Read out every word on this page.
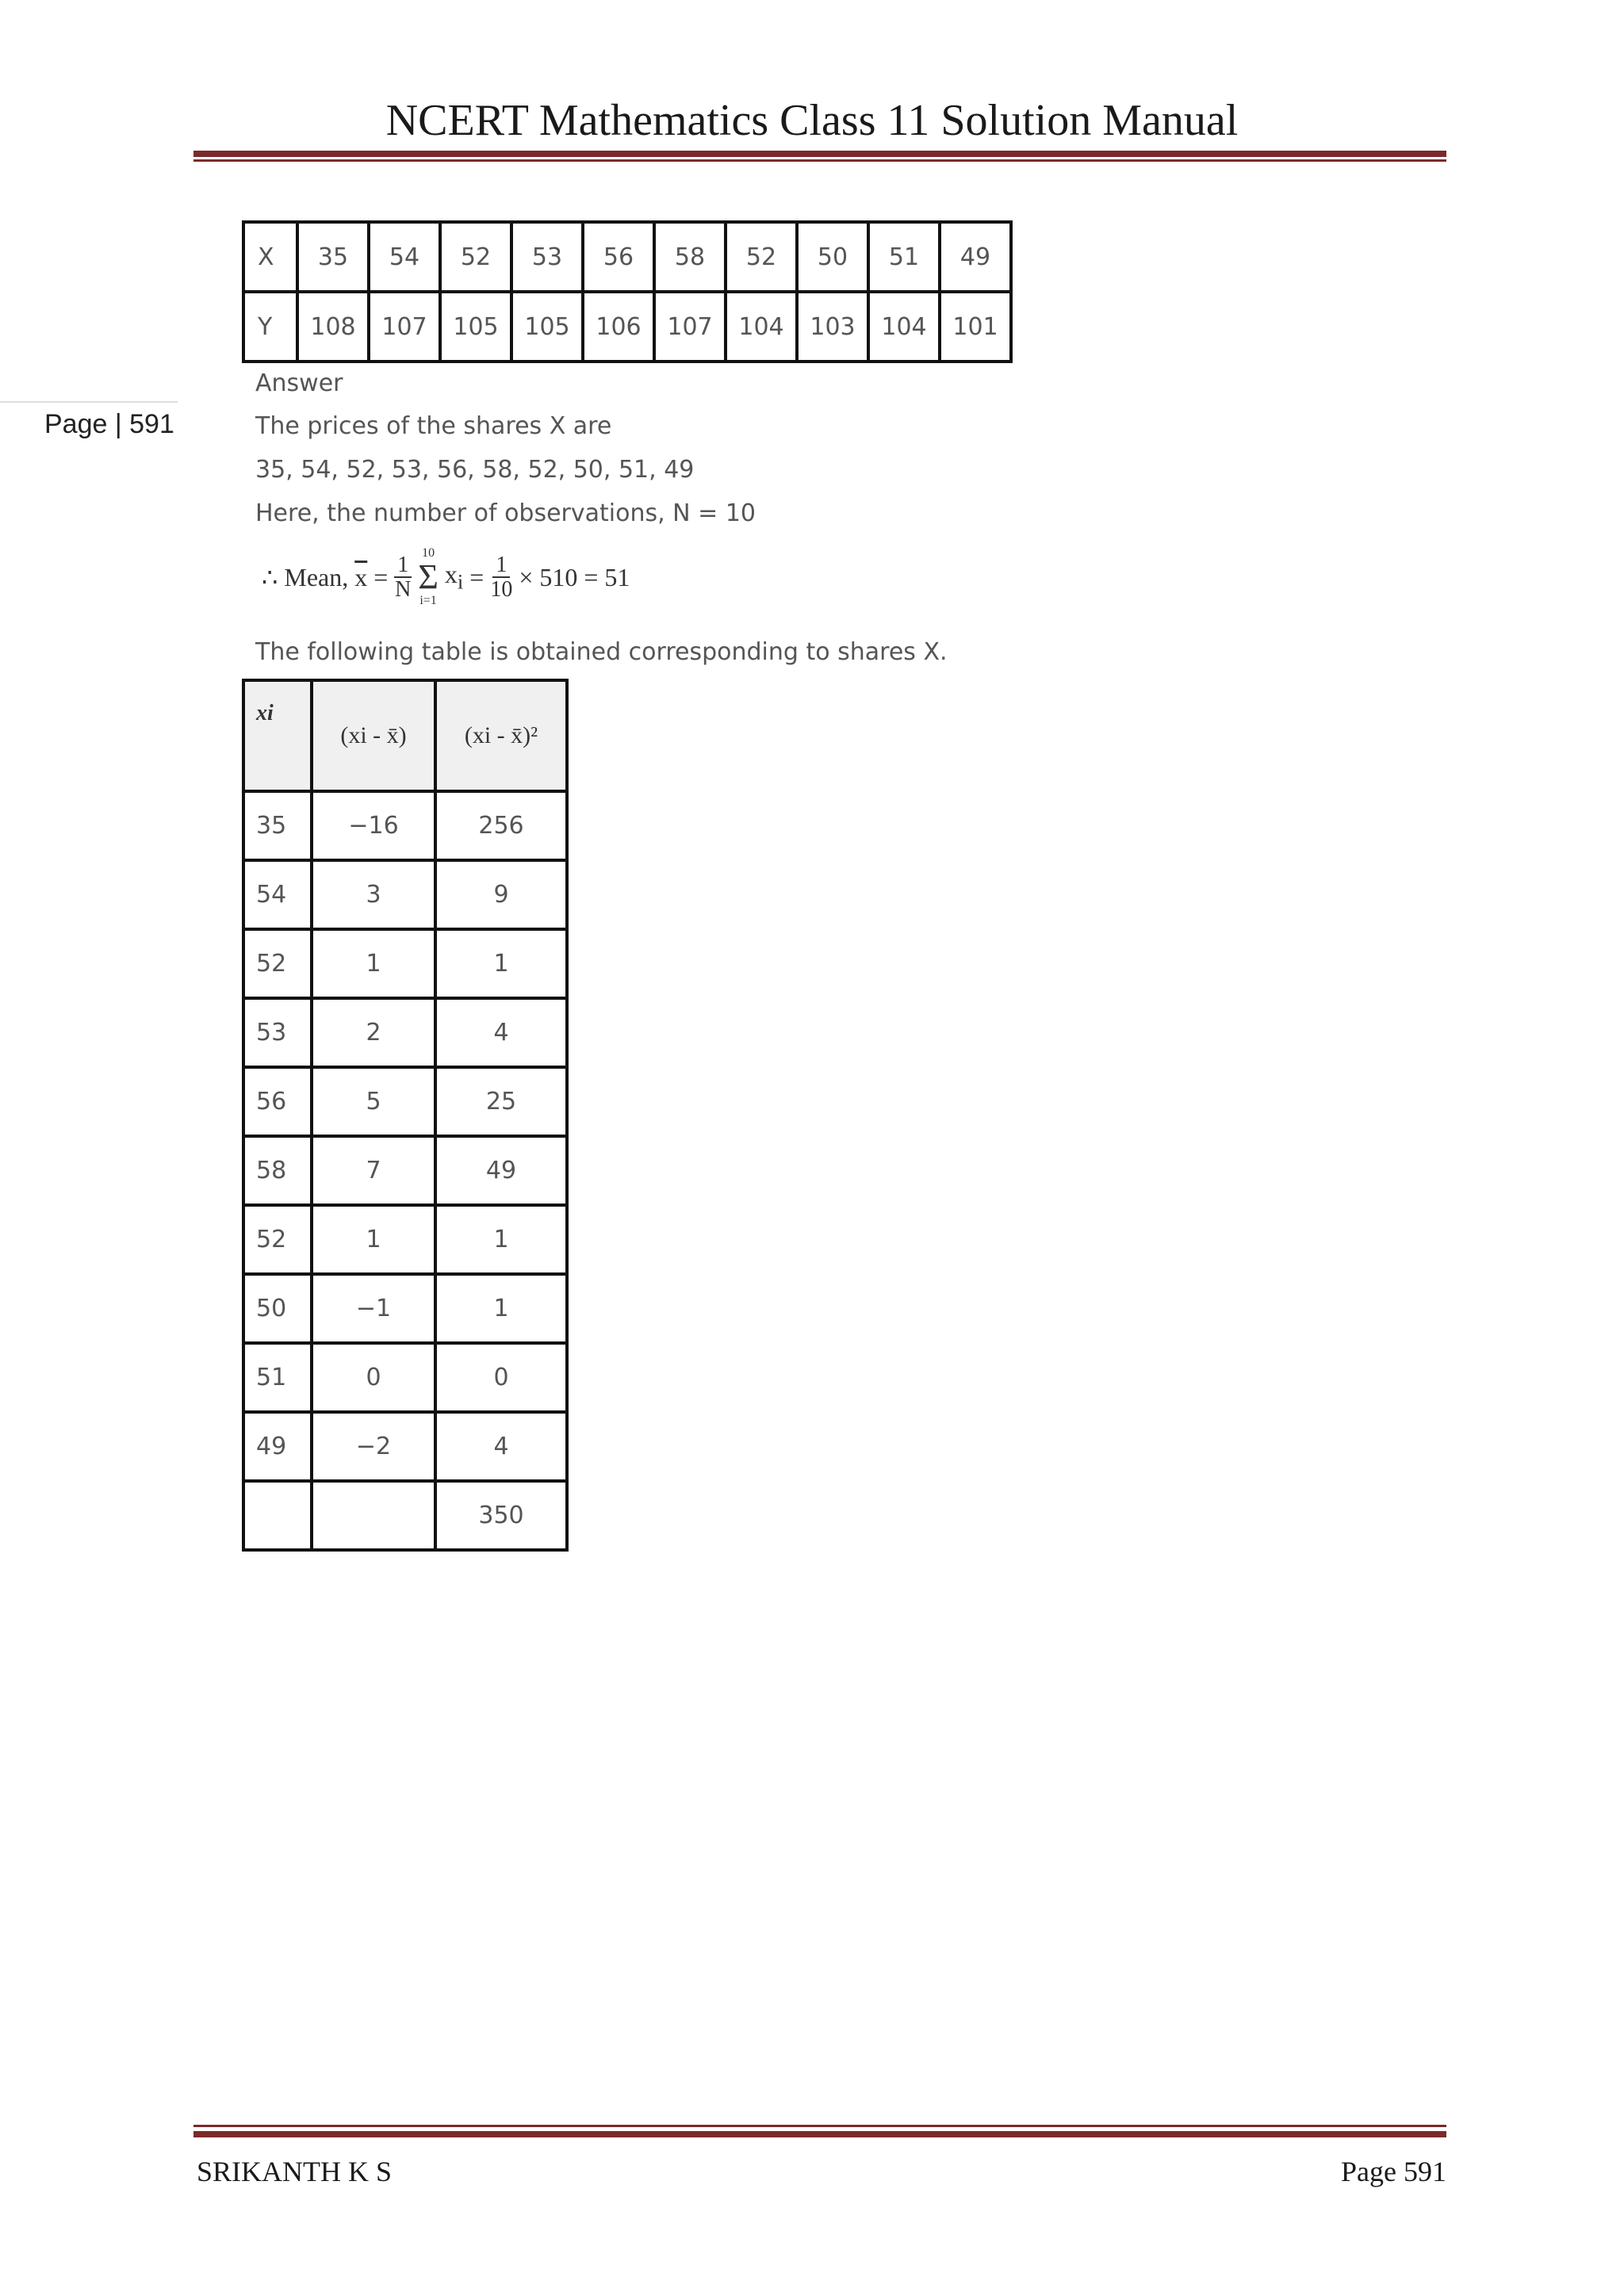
NCERT Mathematics Class 11 Solution Manual
Page | 591
X	35	54	52	53	56	58	52	50	51	49
Y	108	107	105	105	106	107	104	103	104	101
Answer
The prices of the shares X are
35, 54, 52, 53, 56, 58, 52, 50, 51, 49
Here, the number of observations, N = 10
∴ Mean, $\overline{x} = \frac{1}{N}$
10
Σ
i=1
$x_i = \frac{1}{10} \times 510 = 51$
The following table is obtained corresponding to shares X.
xi	(xi - x̄)	(xi - x̄)²
35	−16	256
54	3	9
52	1	1
53	2	4
56	5	25
58	7	49
52	1	1
50	−1	1
51	0	0
49	−2	4
		350
SRIKANTH K S	Page 591
